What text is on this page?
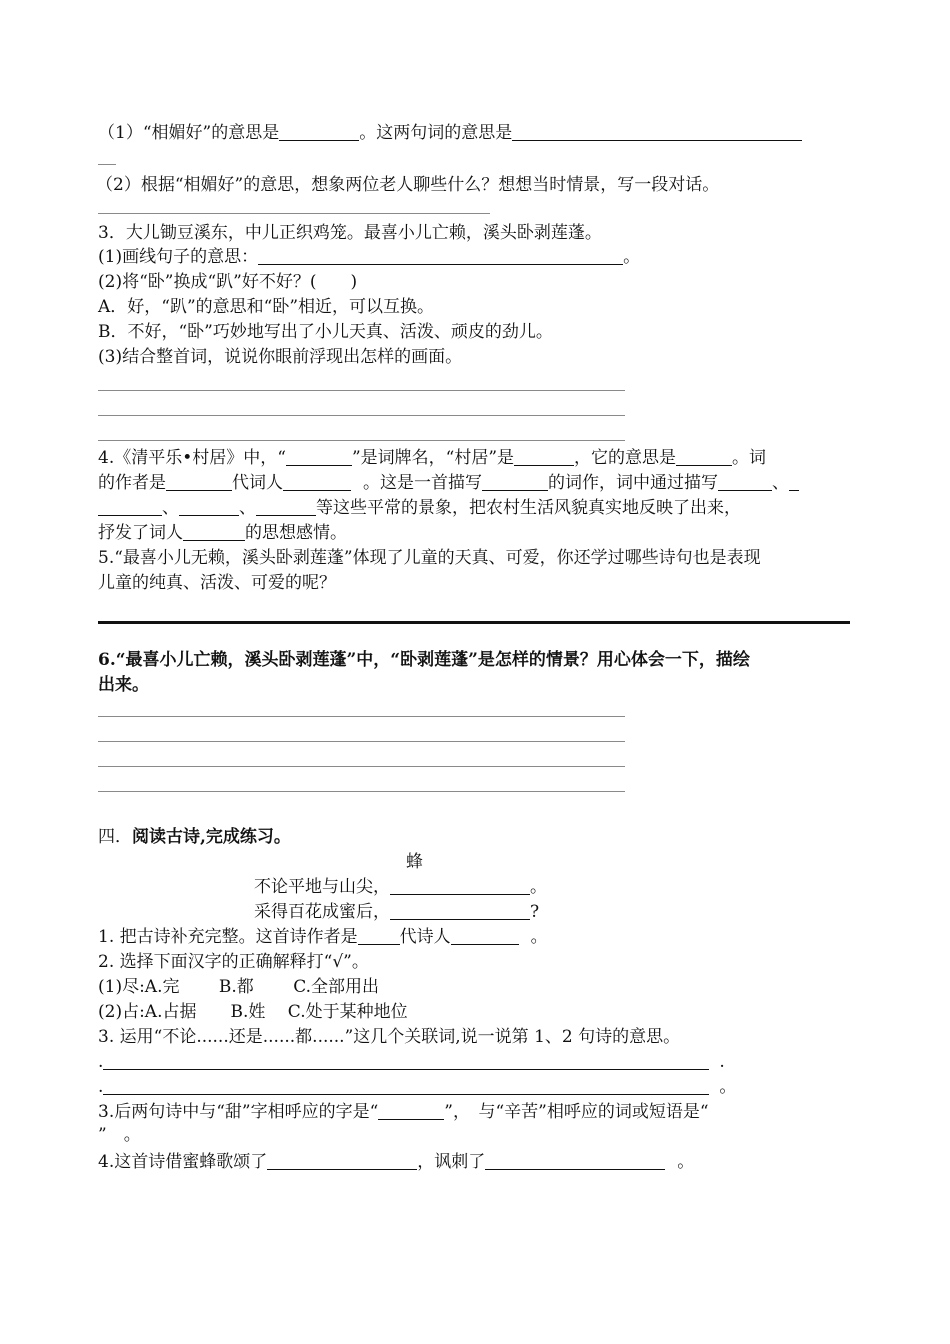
（1）“相媚好”的意思是	。这两句词的意思是
（2）根据“相媚好”的意思，想象两位老人聊些什么？想想当时情景，写一段对话。
3．大儿锄豆溪东，中儿正织鸡笼。最喜小儿亡赖，溪头卧剥莲蓬。
(1)画线句子的意思：	。
(2)将“卧”换成“趴”好不好？(　　)
A．好，“趴”的意思和“卧”相近，可以互换。
B．不好，“卧”巧妙地写出了小儿天真、活泼、顽皮的劲儿。
(3)结合整首词，说说你眼前浮现出怎样的画面。
4.《清平乐•村居》中，“	”是词牌名，“村居”是	，它的意思是	。词
的作者是	代词人	。这是一首描写	的词作，词中通过描写	、
、	、	等这些平常的景象，把农村生活风貌真实地反映了出来，
抒发了词人	的思想感情。
5.“最喜小儿无赖，溪头卧剥莲蓬”体现了儿童的天真、可爱，你还学过哪些诗句也是表现
儿童的纯真、活泼、可爱的呢？
6.“最喜小儿亡赖，溪头卧剥莲蓬”中，“卧剥莲蓬”是怎样的情景？用心体会一下，描绘
出来。
四．阅读古诗,完成练习。
蜂
不论平地与山尖，	。
采得百花成蜜后，	?
1. 把古诗补充完整。这首诗作者是 代诗人	。
2. 选择下面汉字的正确解释打“√”。
(1)尽:A.完　　 B.都　　 C.全部用出
(2)占:A.占据　　B.姓　 C.处于某种地位
3. 运用“不论......还是......都......”这几个关联词,说一说第 1、2 句诗的意思。
.	.
.	。
3.后两句诗中与“甜”字相呼应的字是“	”，　与“辛苦”相呼应的词或短语是“
”　。
4.这首诗借蜜蜂歌颂了	，讽刺了	。
